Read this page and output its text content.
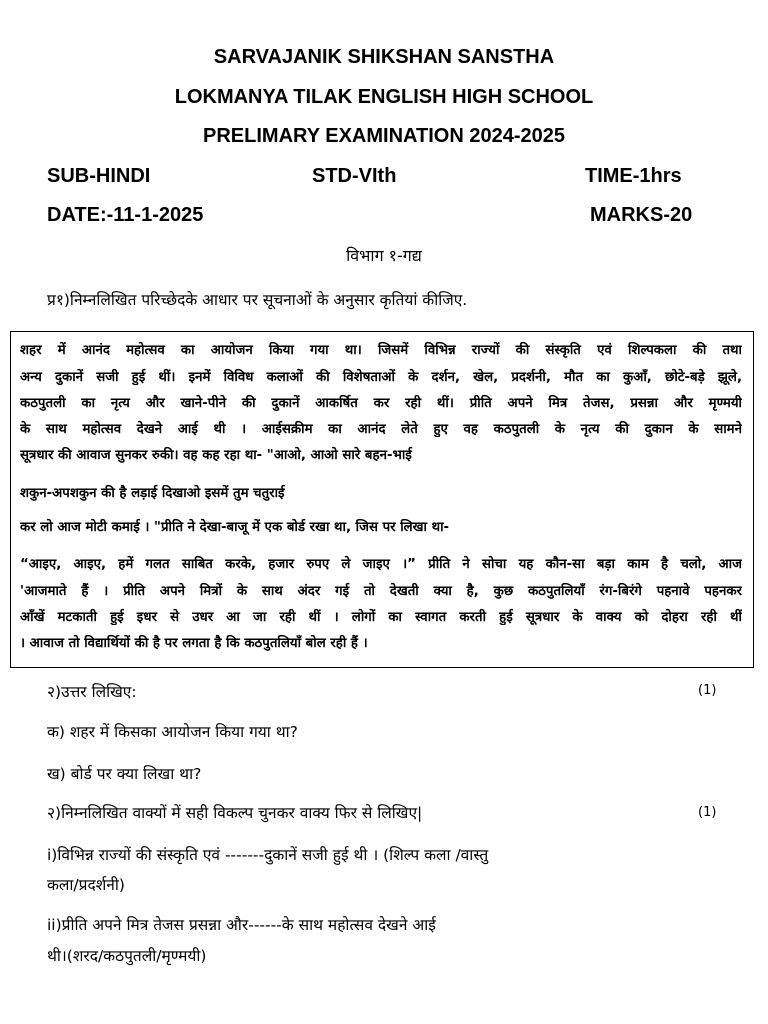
SARVAJANIK SHIKSHAN SANSTHA
LOKMANYA TILAK ENGLISH HIGH SCHOOL
PRELIMARY EXAMINATION 2024-2025
SUB-HINDI	STD-VIth	TIME-1hrs
DATE:-11-1-2025	MARKS-20
विभाग १-गद्य
प्र१)निम्नलिखित परिच्छेदके आधार पर सूचनाओं के अनुसार कृतियां कीजिए.
शहर में आनंद महोत्सव का आयोजन किया गया था। जिसमें विभिन्न राज्यों की संस्कृति एवं शिल्पकला की तथा
अन्य दुकानें सजी हुई थीं। इनमें विविध कलाओं की विशेषताओं के दर्शन, खेल, प्रदर्शनी, मौत का कुआँ, छोटे-बड़े झूले,
कठपुतली का नृत्य और खाने-पीने की दुकानें आकर्षित कर रही थीं। प्रीति अपने मित्र तेजस, प्रसन्ना और मृण्मयी
के साथ महोत्सव देखने आई थी । आईसक्रीम का आनंद लेते हुए वह कठपुतली के नृत्य की दुकान के सामने
सूत्रधार की आवाज सुनकर रुकी। वह कह रहा था- "आओ, आओ सारे बहन-भाई
शकुन-अपशकुन की है लड़ाई दिखाओ इसमें तुम चतुराई
कर लो आज मोटी कमाई । "प्रीति ने देखा-बाजू में एक बोर्ड रखा था, जिस पर लिखा था-
“आइए, आइए, हमें गलत साबित करके, हजार रुपए ले जाइए ।” प्रीति ने सोचा यह कौन-सा बड़ा काम है चलो, आज
'आजमाते हैं । प्रीति अपने मित्रों के साथ अंदर गई तो देखती क्या है, कुछ कठपुतलियाँ रंग-बिरंगे पहनावे पहनकर
आँखें मटकाती हुई इधर से उधर आ जा रही थीं । लोगों का स्वागत करती हुई सूत्रधार के वाक्य को दोहरा रही थीं
। आवाज तो विद्यार्थियों की है पर लगता है कि कठपुतलियाँ बोल रही हैं ।
२)उत्तर लिखिए:	(1)
क) शहर में किसका आयोजन किया गया था?
ख) बोर्ड पर क्या लिखा था?
२)निम्नलिखित वाक्यों में सही विकल्प चुनकर वाक्य फिर से लिखिए|	(1)
i)विभिन्न राज्यों की संस्कृति एवं -------दुकानें सजी हुई थी । (शिल्प कला /वास्तु
कला/प्रदर्शनी)
ii)प्रीति अपने मित्र तेजस प्रसन्ना और------के साथ महोत्सव देखने आई
थी।(शरद/कठपुतली/मृण्मयी)
